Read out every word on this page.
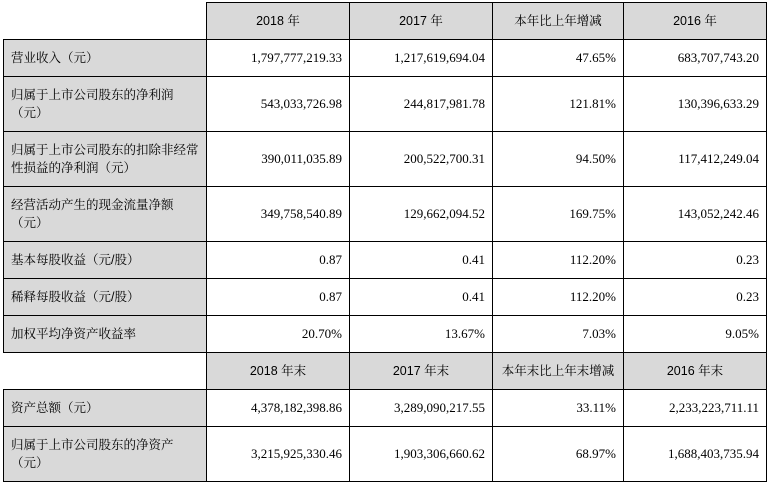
	2018 年	2017 年	本年比上年增减	2016 年
营业收入（元）	1,797,777,219.33	1,217,619,694.04	47.65%	683,707,743.20
归属于上市公司股东的净利润（元）	543,033,726.98	244,817,981.78	121.81%	130,396,633.29
归属于上市公司股东的扣除非经常性损益的净利润（元）	390,011,035.89	200,522,700.31	94.50%	117,412,249.04
经营活动产生的现金流量净额（元）	349,758,540.89	129,662,094.52	169.75%	143,052,242.46
基本每股收益（元/股）	0.87	0.41	112.20%	0.23
稀释每股收益（元/股）	0.87	0.41	112.20%	0.23
加权平均净资产收益率	20.70%	13.67%	7.03%	9.05%
	2018 年末	2017 年末	本年末比上年末增减	2016 年末
资产总额（元）	4,378,182,398.86	3,289,090,217.55	33.11%	2,233,223,711.11
归属于上市公司股东的净资产（元）	3,215,925,330.46	1,903,306,660.62	68.97%	1,688,403,735.94
